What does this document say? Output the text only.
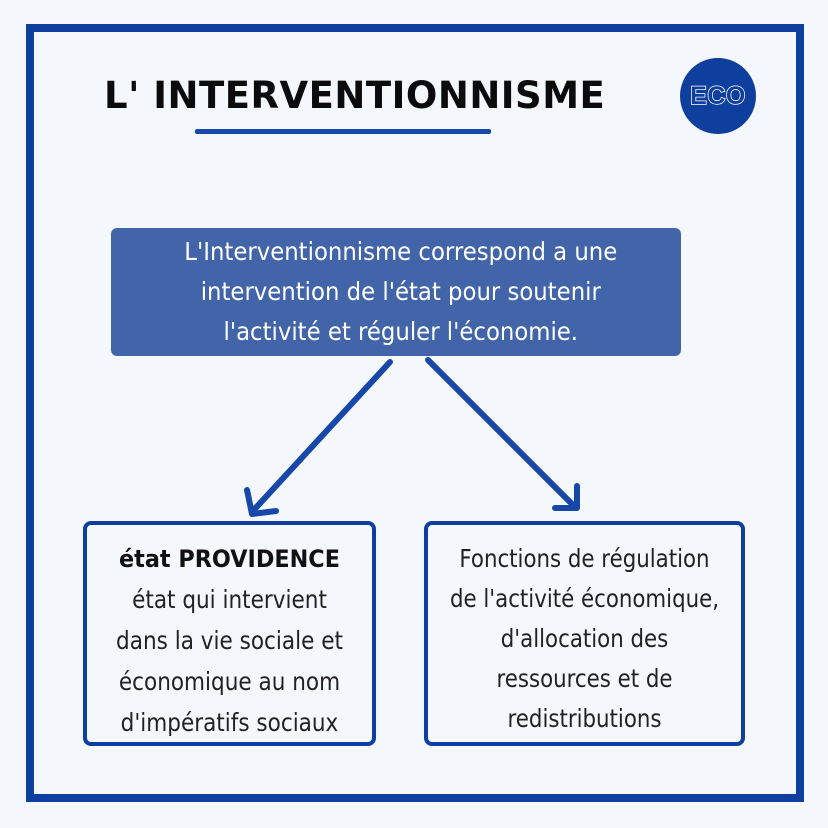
L' INTERVENTIONNISME	ECO
L'Interventionnisme correspond a une
intervention de l'état pour soutenir
l'activité et réguler l'économie.
état PROVIDENCE
état qui intervient
dans la vie sociale et
économique au nom
d'impératifs sociaux
Fonctions de régulation
de l'activité économique,
d'allocation des
ressources et de
redistributions
